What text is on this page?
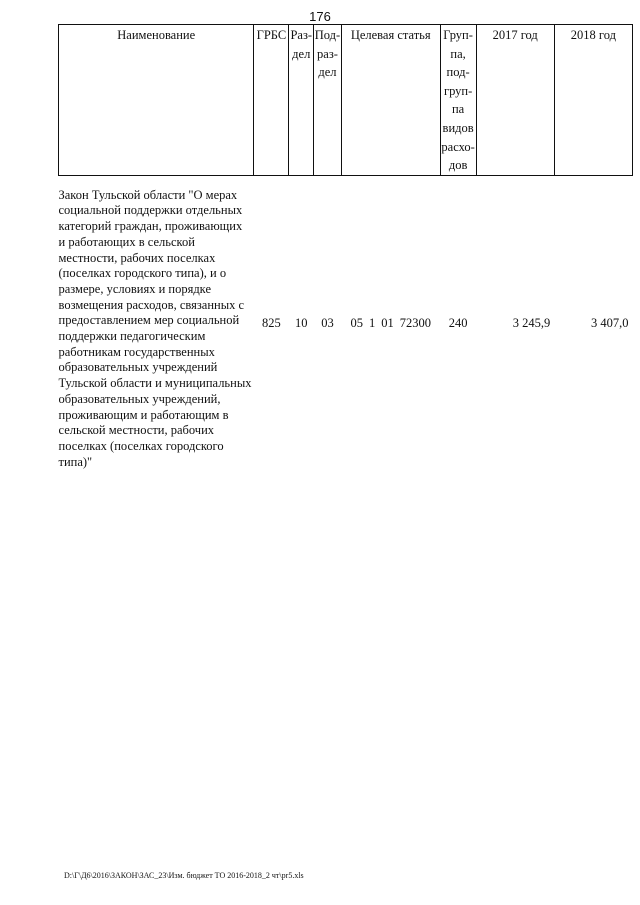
176
Наименование	ГРБС	Раз-дел	Под-раз-дел	Целевая статья	Груп-па, под-груп-па видов расхо-дов	2017 год	2018 год
Закон Тульской области "О мерах социальной поддержки отдельных категорий граждан, проживающих и работающих в сельской местности, рабочих поселках (поселках городского типа), и о размере, условиях и порядке возмещения расходов, связанных с предоставлением мер социальной поддержки педагогическим работникам государственных образовательных учреждений Тульской области и муниципальных образовательных учреждений, проживающим и работающим в сельской местности, рабочих поселках (поселках городского типа)"	825	10	03	05 1 01 72300	240	3 245,9	3 407,0
D:\Г\Д6\2016\ЗАКОН\ЗАС_23\Изм. бюджет ТО 2016-2018_2 чт\pr5.xls
